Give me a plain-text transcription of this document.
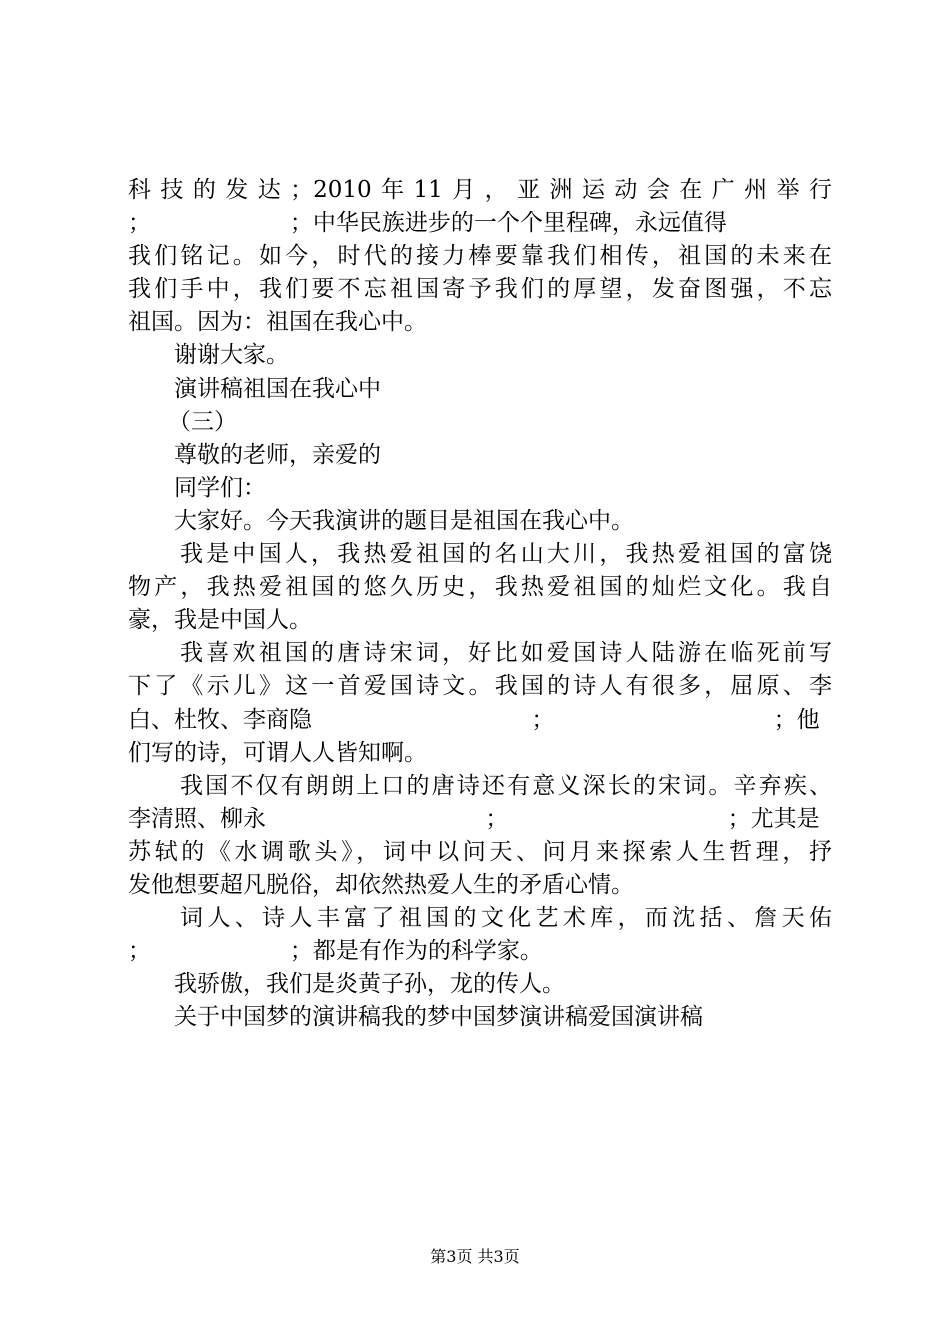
科技的发达；2010年11月，亚洲运动会在广州举行
；                   ；中华民族进步的一个个里程碑，永远值得
我们铭记。如今，时代的接力棒要靠我们相传，祖国的未来在
我们手中，我们要不忘祖国寄予我们的厚望，发奋图强，不忘
祖国。因为：祖国在我心中。
谢谢大家。
演讲稿祖国在我心中
（三）
尊敬的老师，亲爱的
同学们：
大家好。今天我演讲的题目是祖国在我心中。
我是中国人，我热爱祖国的名山大川，我热爱祖国的富饶
物产，我热爱祖国的悠久历史，我热爱祖国的灿烂文化。我自
豪，我是中国人。
我喜欢祖国的唐诗宋词，好比如爱国诗人陆游在临死前写
下了《示儿》这一首爱国诗文。我国的诗人有很多，屈原、李
白、杜牧、李商隐                              ；                              ；他
们写的诗，可谓人人皆知啊。
我国不仅有朗朗上口的唐诗还有意义深长的宋词。辛弃疾、
李清照、柳永                              ；                              ；尤其是
苏轼的《水调歌头》，词中以问天、问月来探索人生哲理，抒
发他想要超凡脱俗，却依然热爱人生的矛盾心情。
词人、诗人丰富了祖国的文化艺术库，而沈括、詹天佑
；                   ；都是有作为的科学家。
我骄傲，我们是炎黄子孙，龙的传人。
关于中国梦的演讲稿我的梦中国梦演讲稿爱国演讲稿
第3页 共3页
